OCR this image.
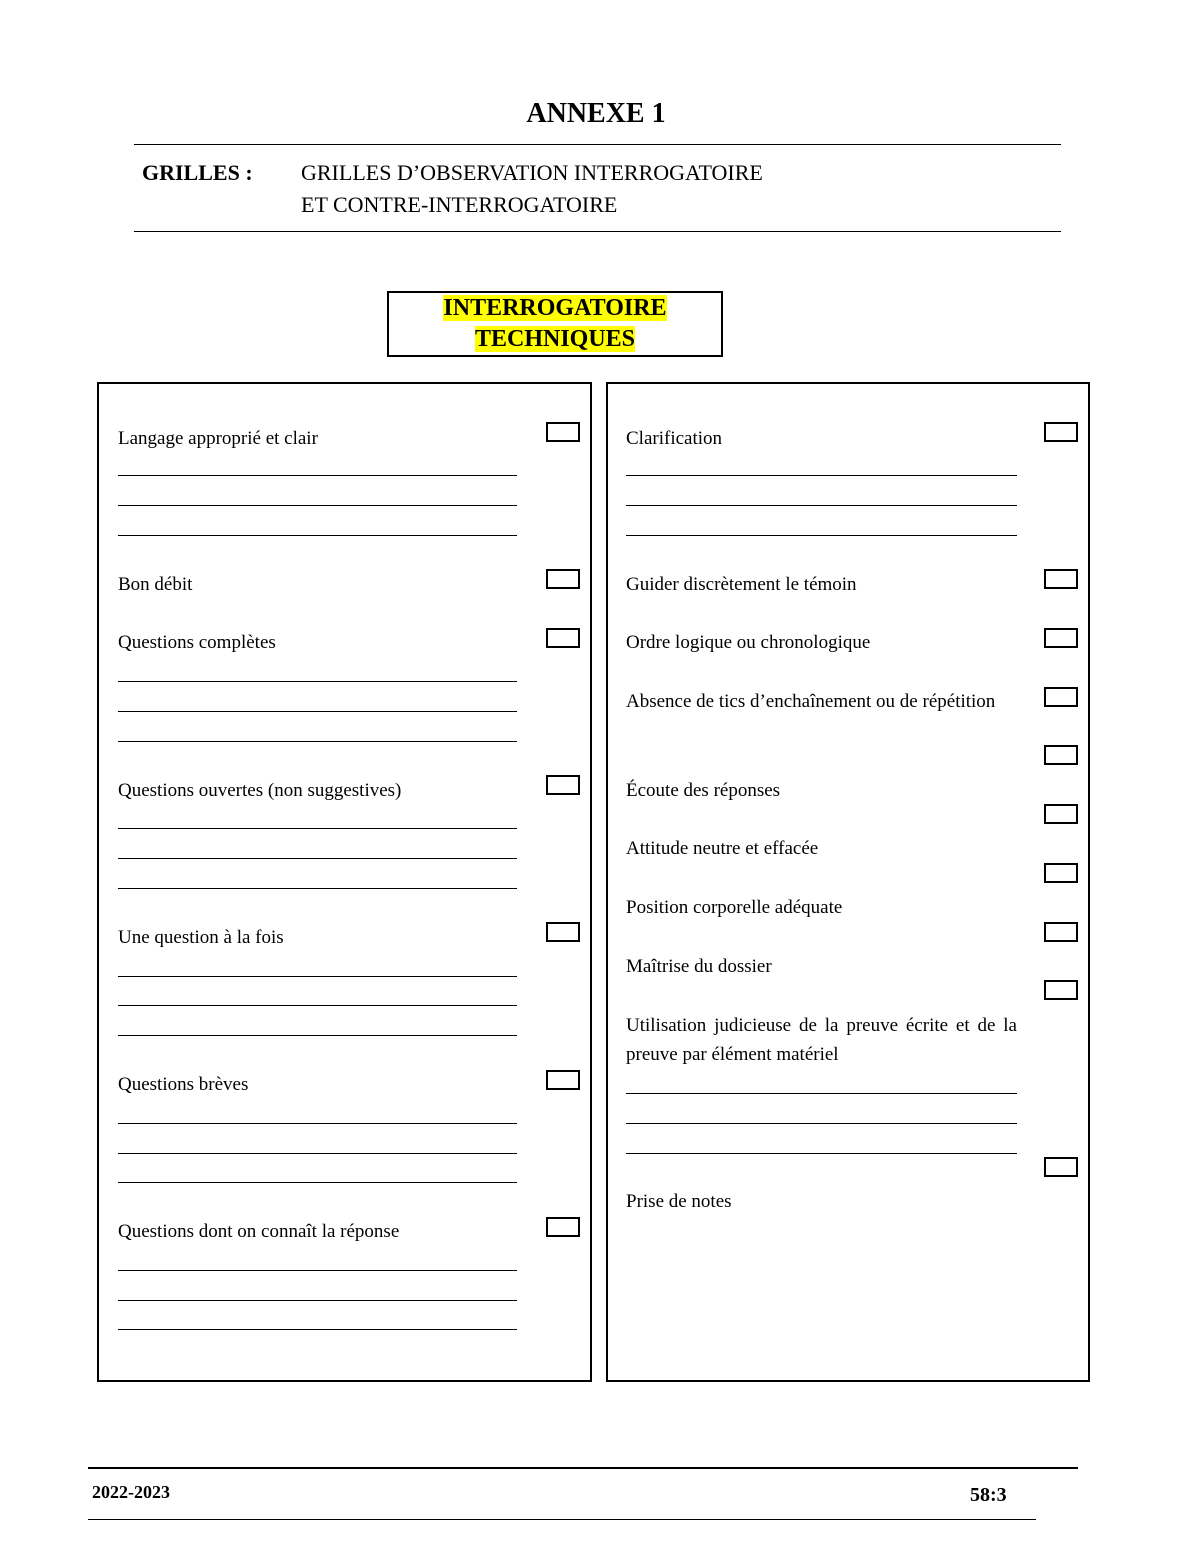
ANNEXE 1
GRILLES : GRILLES D’OBSERVATION INTERROGATOIRE
ET CONTRE-INTERROGATOIRE
INTERROGATOIRE
TECHNIQUES
Langage approprié et clair
Bon débit
Questions complètes
Questions ouvertes (non suggestives)
Une question à la fois
Questions brèves
Questions dont on connaît la réponse
Clarification
Guider discrètement le témoin
Ordre logique ou chronologique
Absence de tics d’enchaînement ou de répétition
Écoute des réponses
Attitude neutre et effacée
Position corporelle adéquate
Maîtrise du dossier
Utilisation judicieuse de la preuve écrite et de la preuve par élément matériel
Prise de notes
2022-2023	58:3
